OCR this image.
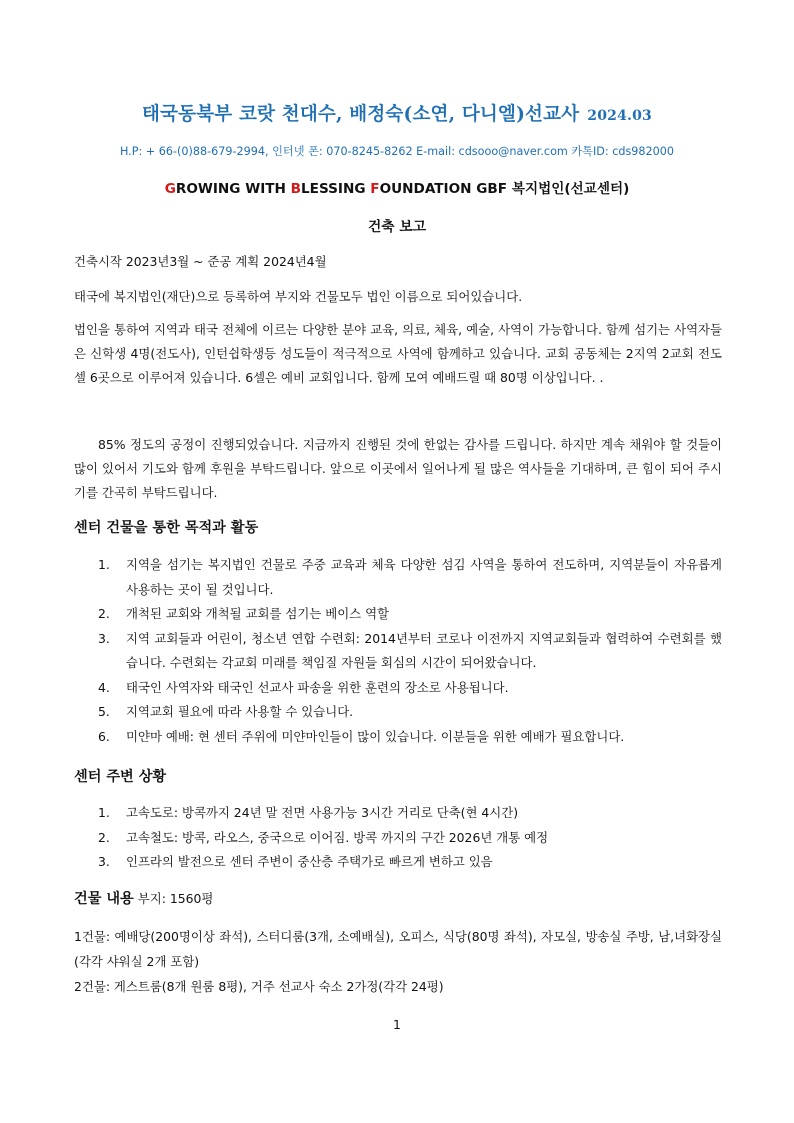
태국동북부 코랏 천대수, 배정숙(소연, 다니엘)선교사 2024.03
H.P: + 66-(0)88-679-2994, 인터넷 폰: 070-8245-8262 E-mail: cdsooo@naver.com 카톡ID: cds982000
GROWING WITH BLESSING FOUNDATION GBF 복지법인(선교센터)
건축 보고
건축시작 2023년3월 ~ 준공 계획 2024년4월
태국에 복지법인(재단)으로 등록하여 부지와 건물모두 법인 이름으로 되어있습니다.
법인을 통하여 지역과 태국 전체에 이르는 다양한 분야 교육, 의료, 체육, 예술, 사역이 가능합니다. 함께 섬기는 사역자들은 신학생 4명(전도사), 인턴쉽학생등 성도들이 적극적으로 사역에 함께하고 있습니다. 교회 공동체는 2지역 2교회 전도셀 6곳으로 이루어져 있습니다. 6셀은 예비 교회입니다. 함께 모여 예배드릴 때 80명 이상입니다. .
85% 정도의 공정이 진행되었습니다. 지금까지 진행된 것에 한없는 감사를 드립니다. 하지만 계속 채워야 할 것들이 많이 있어서 기도와 함께 후원을 부탁드립니다. 앞으로 이곳에서 일어나게 될 많은 역사들을 기대하며, 큰 힘이 되어 주시기를 간곡히 부탁드립니다.
센터 건물을 통한 목적과 활동
1. 지역을 섬기는 복지법인 건물로 주중 교육과 체육 다양한 섬김 사역을 통하여 전도하며, 지역분들이 자유롭게 사용하는 곳이 될 것입니다.
2. 개척된 교회와 개척될 교회를 섬기는 베이스 역할
3. 지역 교회들과 어린이, 청소년 연합 수련회: 2014년부터 코로나 이전까지 지역교회들과 협력하여 수련회를 했습니다. 수련회는 각교회 미래를 책임질 자원들 회심의 시간이 되어왔습니다.
4. 태국인 사역자와 태국인 선교사 파송을 위한 훈련의 장소로 사용됩니다.
5. 지역교회 필요에 따라 사용할 수 있습니다.
6. 미얀마 예배: 현 센터 주위에 미얀마인들이 많이 있습니다. 이분들을 위한 예배가 필요합니다.
센터 주변 상황
1. 고속도로: 방콕까지 24년 말 전면 사용가능 3시간 거리로 단축(현 4시간)
2. 고속철도: 방콕, 라오스, 중국으로 이어짐. 방콕 까지의 구간 2026년 개통 예정
3. 인프라의 발전으로 센터 주변이 중산층 주택가로 빠르게 변하고 있음
건물 내용 부지: 1560평
1건물: 예배당(200명이상 좌석), 스터디룸(3개, 소예배실), 오피스, 식당(80명 좌석), 자모실, 방송실 주방, 남,녀화장실(각각 샤워실 2개 포함)
2건물: 게스트룸(8개 원룸 8평), 거주 선교사 숙소 2가정(각각 24평)
1
